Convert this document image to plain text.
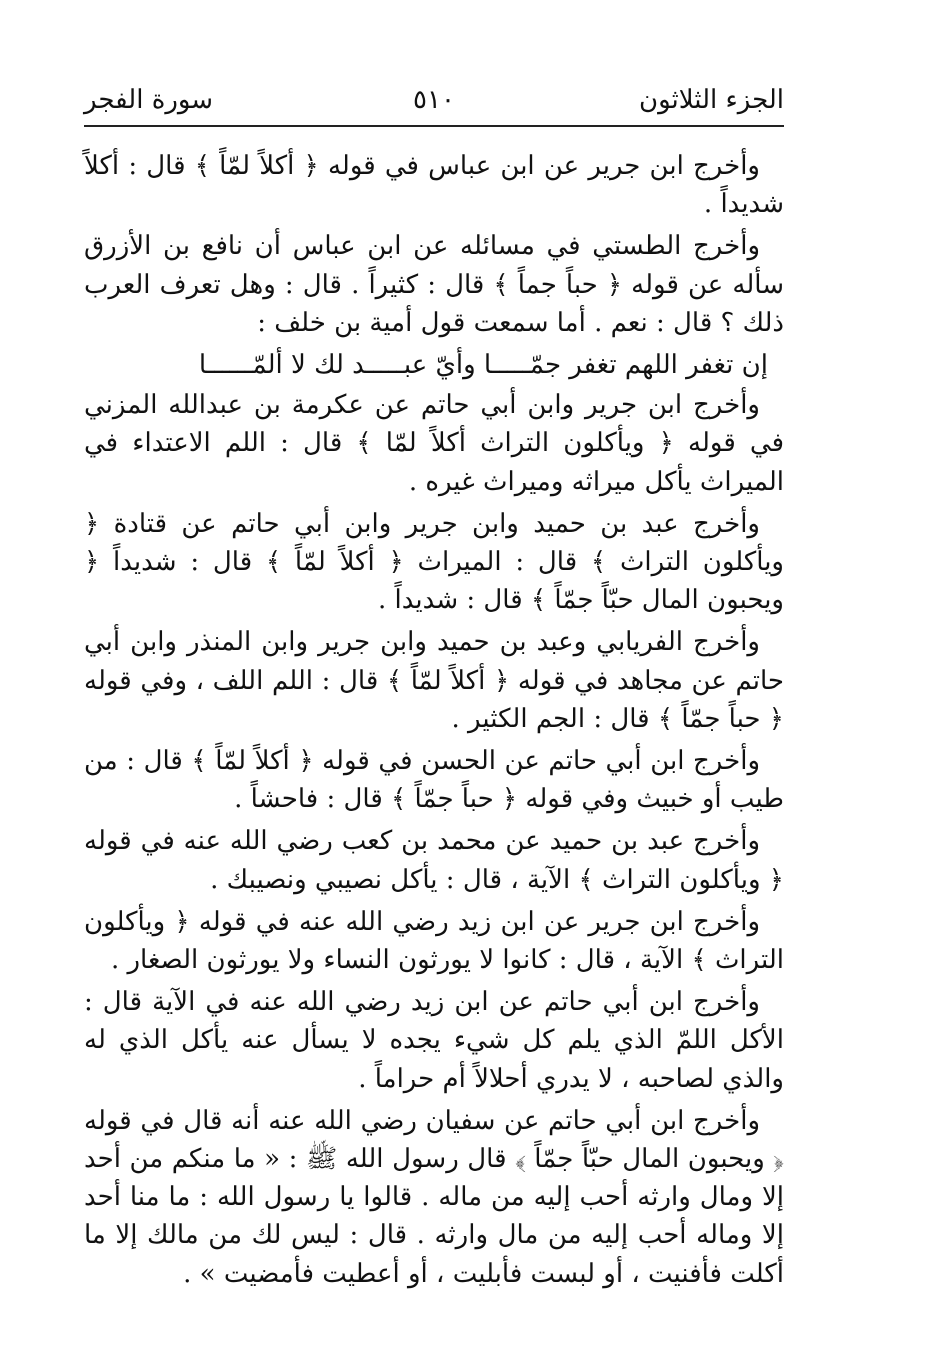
الجزء الثلاثون
٥١٠
سورة الفجر

وأخرج ابن جرير عن ابن عباس في قوله ﴿ أكلاً لمّاً ﴾ قال : أكلاً شديداً .

وأخرج الطستي في مسائله عن ابن عباس أن نافع بن الأزرق سأله عن قوله ﴿ حباً جماً ﴾ قال : كثيراً . قال : وهل تعرف العرب ذلك ؟ قال : نعم . أما سمعت قول أمية بن خلف :

إن تغفر اللهم تغفر جمّـــــا وأيّ عبـــــد لك لا ألمّــــــا

وأخرج ابن جرير وابن أبي حاتم عن عكرمة بن عبدالله المزني في قوله ﴿ ويأكلون التراث أكلاً لمّا ﴾ قال : اللم الاعتداء في الميراث يأكل ميراثه وميراث غيره .

وأخرج عبد بن حميد وابن جرير وابن أبي حاتم عن قتادة ﴿ ويأكلون التراث ﴾ قال : الميراث ﴿ أكلاً لمّاً ﴾ قال : شديداً ﴿ ويحبون المال حبّاً جمّاً ﴾ قال : شديداً .

وأخرج الفريابي وعبد بن حميد وابن جرير وابن المنذر وابن أبي حاتم عن مجاهد في قوله ﴿ أكلاً لمّاً ﴾ قال : اللم اللف ، وفي قوله ﴿ حباً جمّاً ﴾ قال : الجم الكثير .

وأخرج ابن أبي حاتم عن الحسن في قوله ﴿ أكلاً لمّاً ﴾ قال : من طيب أو خبيث وفي قوله ﴿ حباً جمّاً ﴾ قال : فاحشاً .

وأخرج عبد بن حميد عن محمد بن كعب رضي الله عنه في قوله ﴿ ويأكلون التراث ﴾ الآية ، قال : يأكل نصيبي ونصيبك .

وأخرج ابن جرير عن ابن زيد رضي الله عنه في قوله ﴿ ويأكلون التراث ﴾ الآية ، قال : كانوا لا يورثون النساء ولا يورثون الصغار .

وأخرج ابن أبي حاتم عن ابن زيد رضي الله عنه في الآية قال : الأكل اللمّ الذي يلم كل شيء يجده لا يسأل عنه يأكل الذي له والذي لصاحبه ، لا يدري أحلالاً أم حراماً .

وأخرج ابن أبي حاتم عن سفيان رضي الله عنه أنه قال في قوله ﴿ ويحبون المال حبّاً جمّاً ﴾ قال رسول الله ﷺ : « ما منكم من أحد إلا ومال وارثه أحب إليه من ماله . قالوا يا رسول الله : ما منا أحد إلا وماله أحب إليه من مال وارثه . قال : ليس لك من مالك إلا ما أكلت فأفنيت ، أو لبست فأبليت ، أو أعطيت فأمضيت » .
